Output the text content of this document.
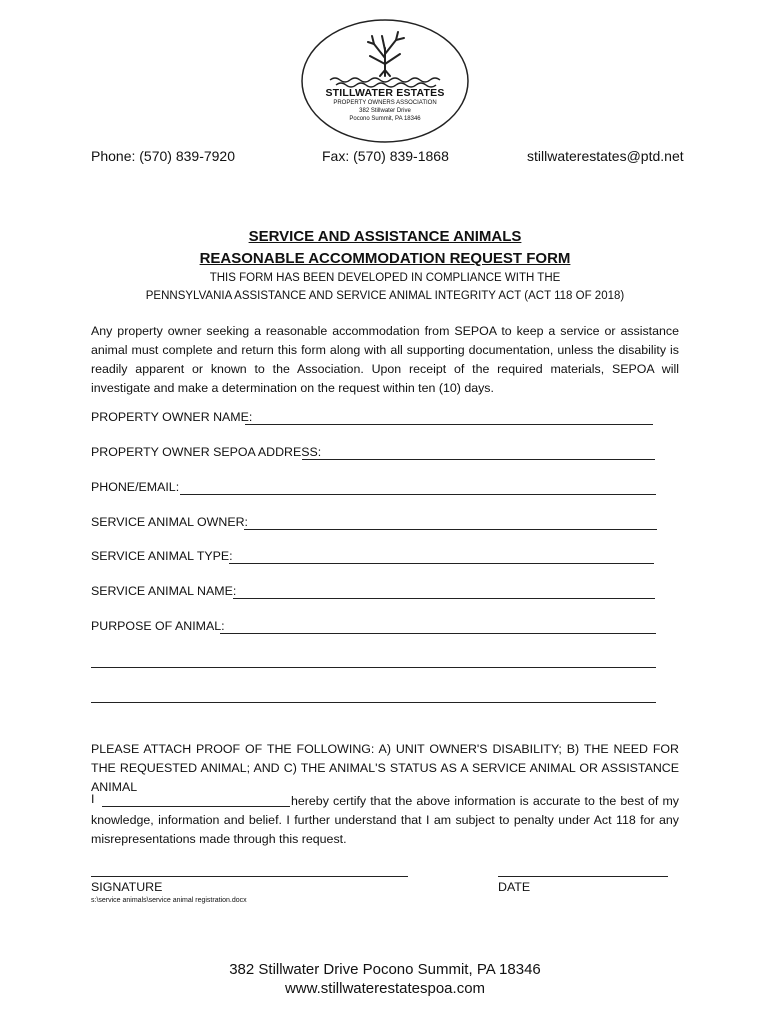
STILLWATER ESTATES
PROPERTY OWNERS ASSOCIATION
382 Stillwater Drive
Pocono Summit, PA 18346
Phone: (570) 839-7920	Fax: (570) 839-1868	stillwaterestates@ptd.net
SERVICE AND ASSISTANCE ANIMALS
REASONABLE ACCOMMODATION REQUEST FORM
THIS FORM HAS BEEN DEVELOPED IN COMPLIANCE WITH THE
PENNSYLVANIA ASSISTANCE AND SERVICE ANIMAL INTEGRITY ACT (ACT 118 OF 2018)
Any property owner seeking a reasonable accommodation from SEPOA to keep a service or assistance animal must complete and return this form along with all supporting documentation, unless the disability is readily apparent or known to the Association. Upon receipt of the required materials, SEPOA will investigate and make a determination on the request within ten (10) days.
PROPERTY OWNER NAME:
PROPERTY OWNER SEPOA ADDRESS:
PHONE/EMAIL:
SERVICE ANIMAL OWNER:
SERVICE ANIMAL TYPE:
SERVICE ANIMAL NAME:
PURPOSE OF ANIMAL:
PLEASE ATTACH PROOF OF THE FOLLOWING: A) UNIT OWNER'S DISABILITY; B) THE NEED FOR THE REQUESTED ANIMAL; AND C) THE ANIMAL'S STATUS AS A SERVICE ANIMAL OR ASSISTANCE ANIMAL
hereby certify that the above information is accurate to the best of my knowledge, information and belief. I further understand that I am subject to penalty under Act 118 for any misrepresentations made through this request.
I
SIGNATURE	DATE
s:\service animals\service animal registration.docx
382 Stillwater Drive Pocono Summit, PA 18346
www.stillwaterestatespoa.com
